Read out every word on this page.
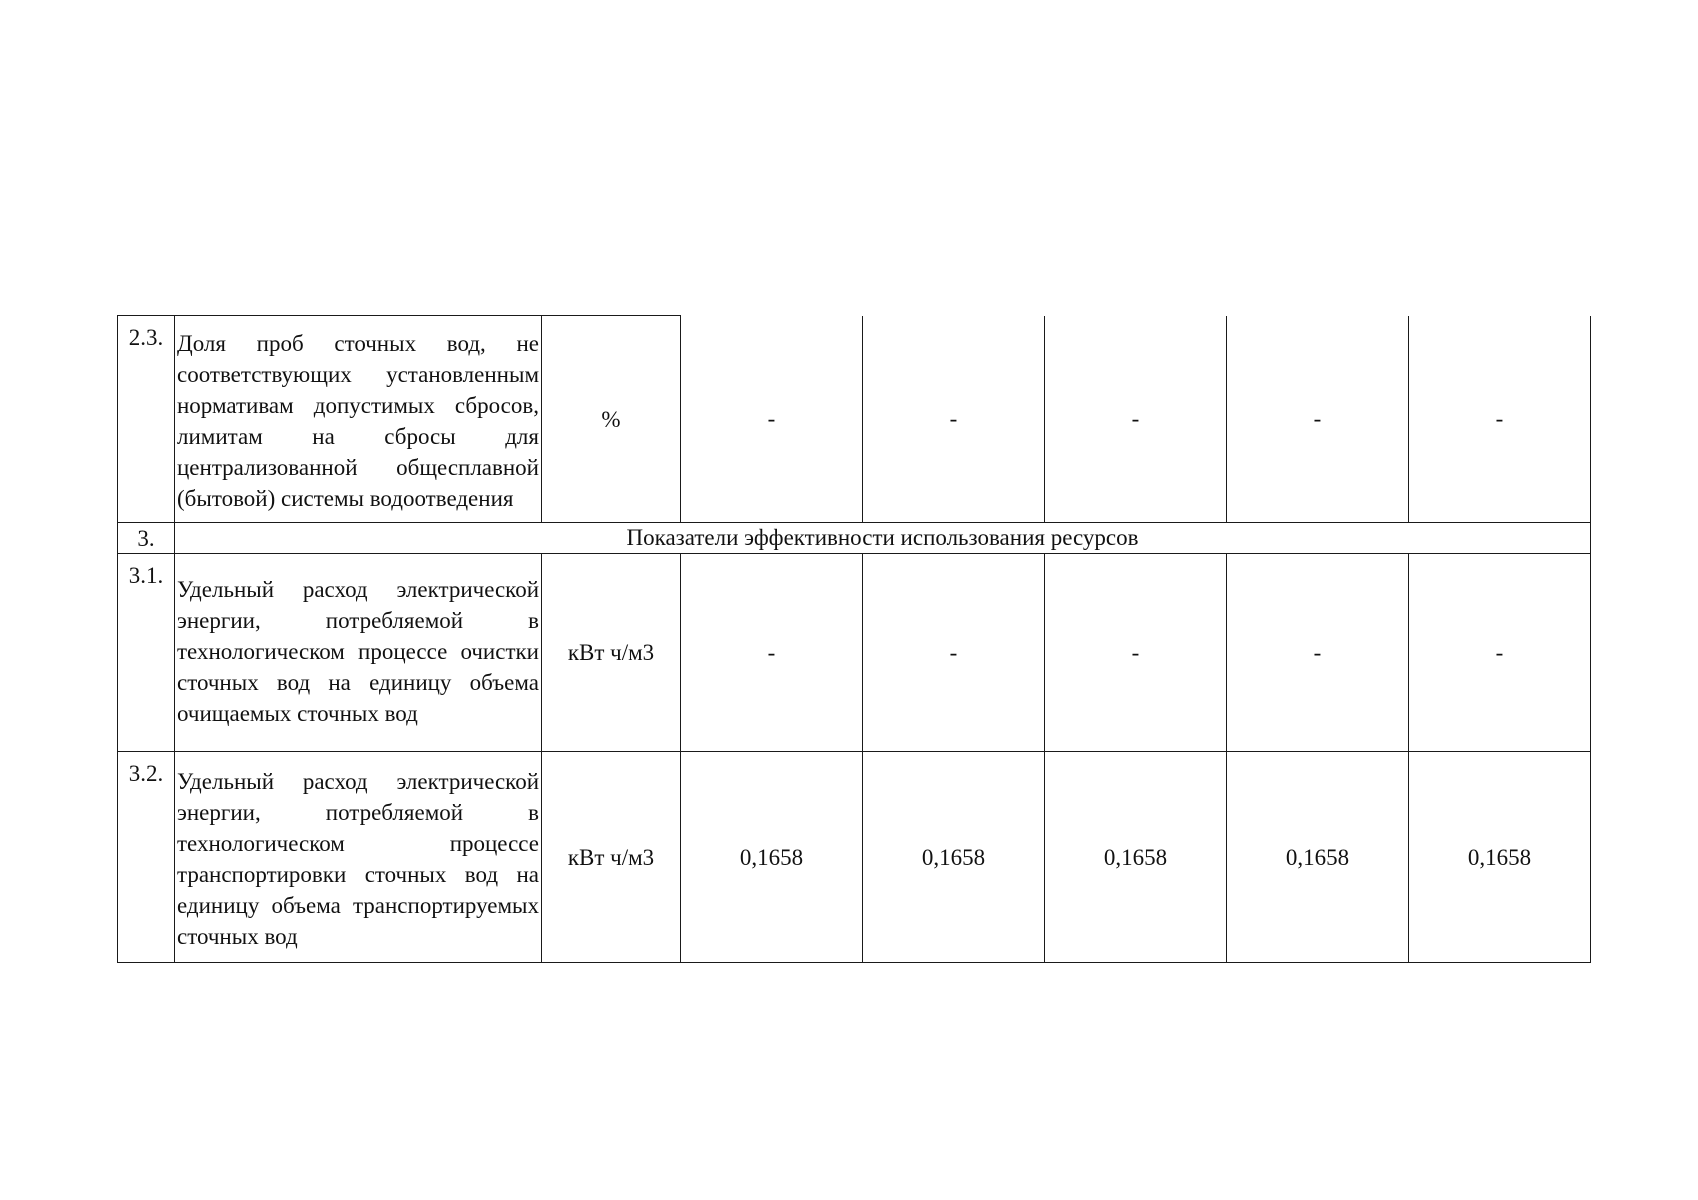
2.3.	Доля проб сточных вод, не соответствующих установленным нормативам допустимых сбросов, лимитам на сбросы для централизованной общесплавной (бытовой) системы водоотведения	%	-	-	-	-	-
3.	Показатели эффективности использования ресурсов						
3.1.	Удельный расход электрической энергии, потребляемой в технологическом процессе очистки сточных вод на единицу объема очищаемых сточных вод	кВт ч/м3	-	-	-	-	-
3.2.	Удельный расход электрической энергии, потребляемой в технологическом процессе транспортировки сточных вод на единицу объема транспортируемых сточных вод	кВт ч/м3	0,1658	0,1658	0,1658	0,1658	0,1658
